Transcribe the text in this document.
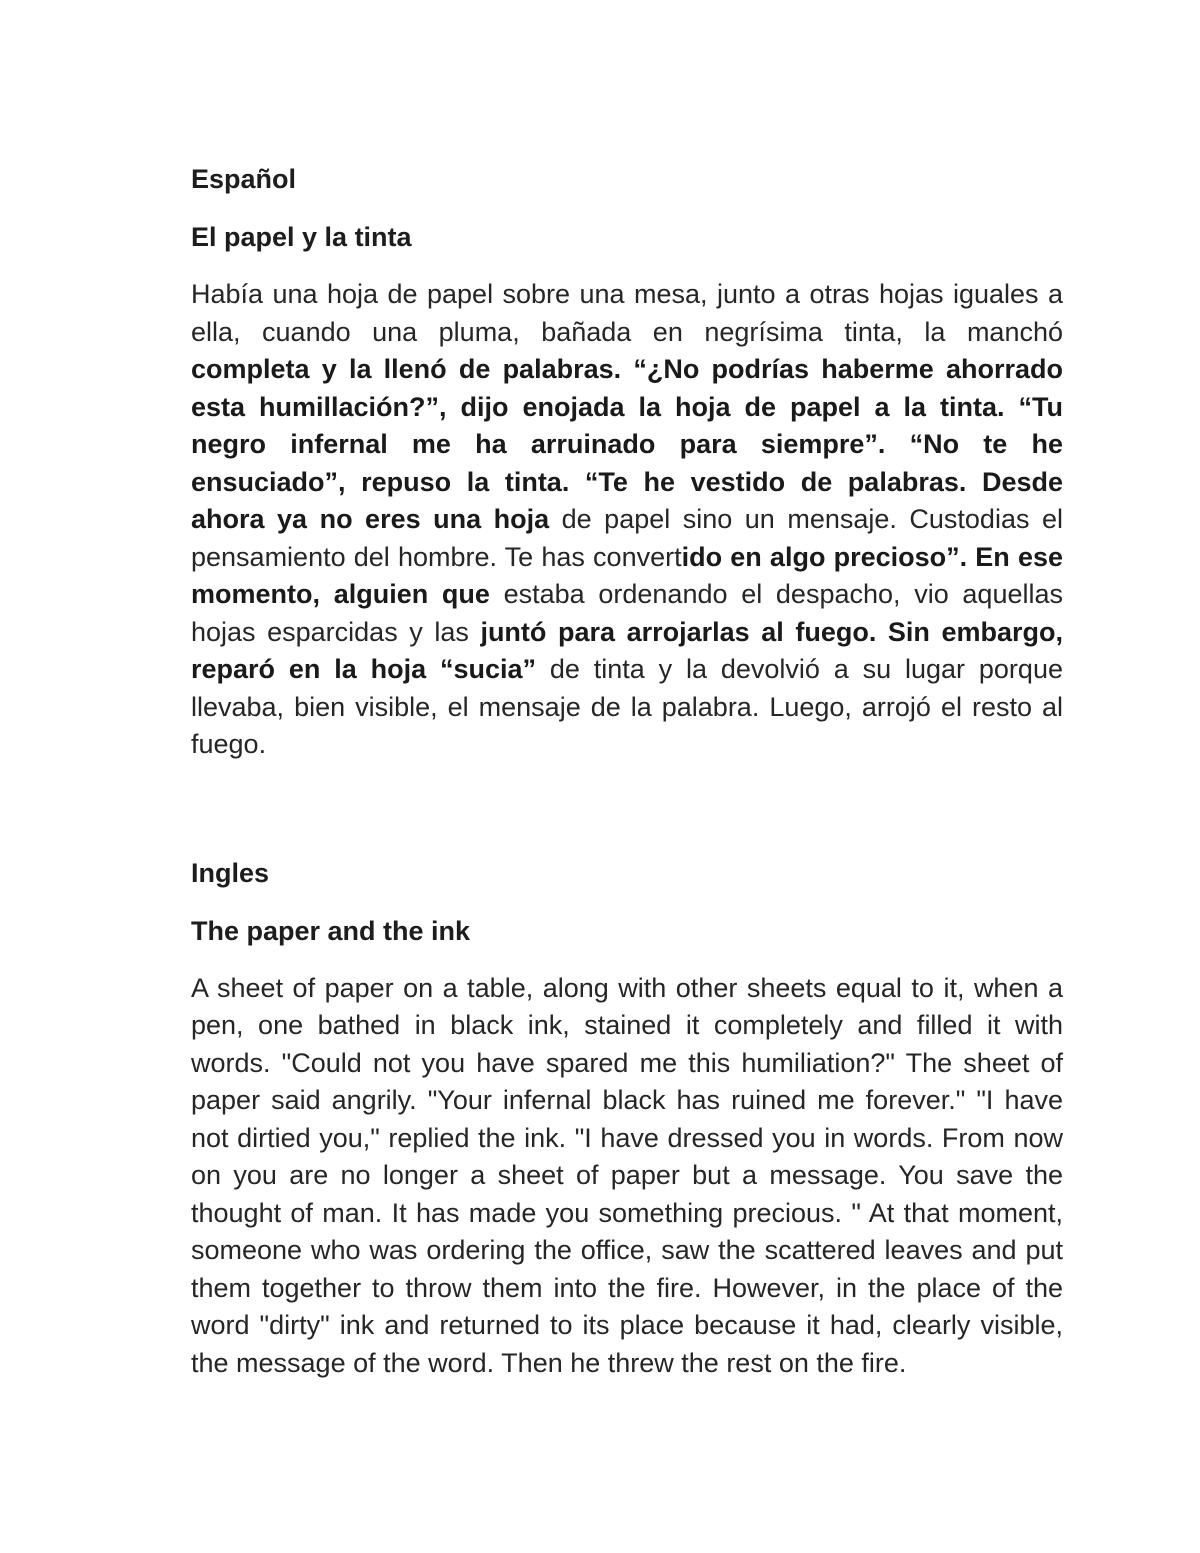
Español

El papel y la tinta

Había una hoja de papel sobre una mesa, junto a otras hojas iguales a ella, cuando una pluma, bañada en negrísima tinta, la manchó completa y la llenó de palabras. “¿No podrías haberme ahorrado esta humillación?”, dijo enojada la hoja de papel a la tinta. “Tu negro infernal me ha arruinado para siempre”. “No te he ensuciado”, repuso la tinta. “Te he vestido de palabras. Desde ahora ya no eres una hoja de papel sino un mensaje. Custodias el pensamiento del hombre. Te has convertido en algo precioso”. En ese momento, alguien que estaba ordenando el despacho, vio aquellas hojas esparcidas y las juntó para arrojarlas al fuego. Sin embargo, reparó en la hoja “sucia” de tinta y la devolvió a su lugar porque llevaba, bien visible, el mensaje de la palabra. Luego, arrojó el resto al fuego.

Ingles

The paper and the ink

A sheet of paper on a table, along with other sheets equal to it, when a pen, one bathed in black ink, stained it completely and filled it with words. "Could not you have spared me this humiliation?" The sheet of paper said angrily. "Your infernal black has ruined me forever." "I have not dirtied you," replied the ink. "I have dressed you in words. From now on you are no longer a sheet of paper but a message. You save the thought of man. It has made you something precious. " At that moment, someone who was ordering the office, saw the scattered leaves and put them together to throw them into the fire. However, in the place of the word "dirty" ink and returned to its place because it had, clearly visible, the message of the word. Then he threw the rest on the fire.
